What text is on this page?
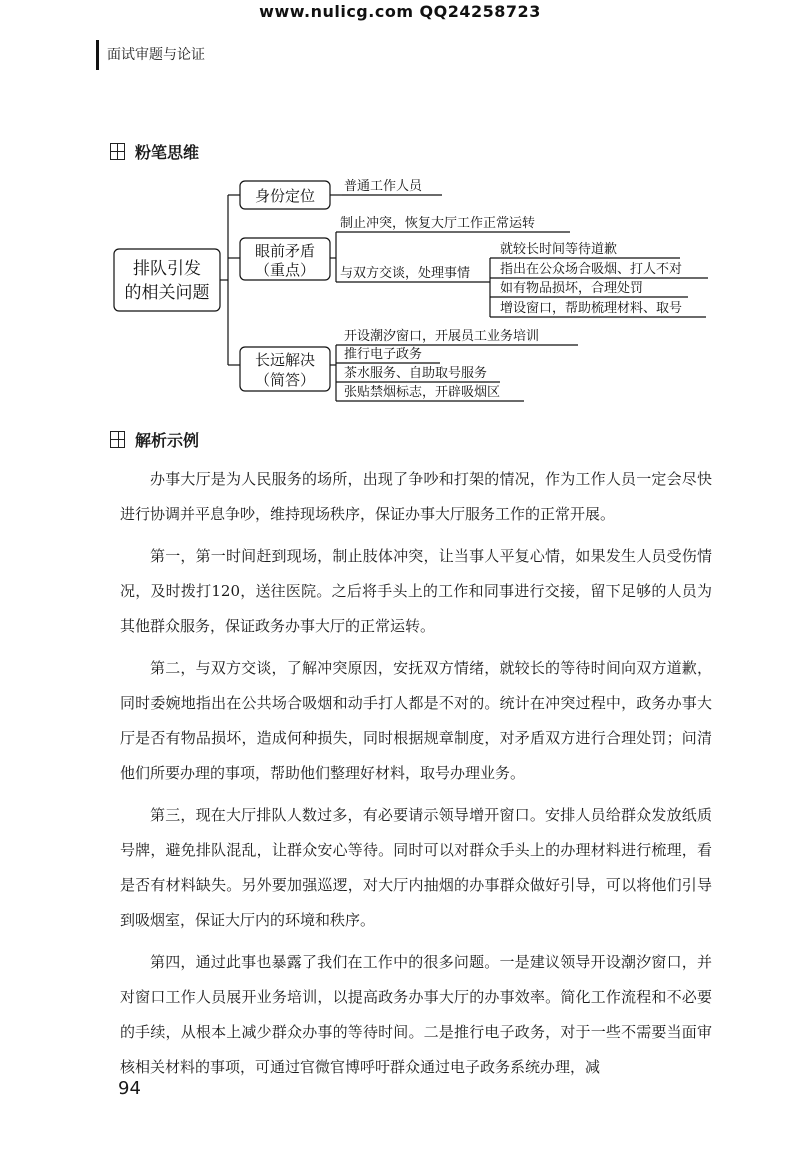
www.nulicg.com QQ24258723
面试审题与论证
粉笔思维
排队引发
的相关问题
身份定位
眼前矛盾
（重点）
长远解决
（简答）
普通工作人员
制止冲突，恢复大厅工作正常运转
与双方交谈，处理事情
就较长时间等待道歉
指出在公众场合吸烟、打人不对
如有物品损坏，合理处罚
增设窗口，帮助梳理材料、取号
开设潮汐窗口，开展员工业务培训
推行电子政务
茶水服务、自助取号服务
张贴禁烟标志，开辟吸烟区
解析示例

办事大厅是为人民服务的场所，出现了争吵和打架的情况，作为工作人员一定会尽快进行协调并平息争吵，维持现场秩序，保证办事大厅服务工作的正常开展。

第一，第一时间赶到现场，制止肢体冲突，让当事人平复心情，如果发生人员受伤情况，及时拨打120，送往医院。之后将手头上的工作和同事进行交接，留下足够的人员为其他群众服务，保证政务办事大厅的正常运转。

第二，与双方交谈，了解冲突原因，安抚双方情绪，就较长的等待时间向双方道歉，同时委婉地指出在公共场合吸烟和动手打人都是不对的。统计在冲突过程中，政务办事大厅是否有物品损坏，造成何种损失，同时根据规章制度，对矛盾双方进行合理处罚；问清他们所要办理的事项，帮助他们整理好材料，取号办理业务。

第三，现在大厅排队人数过多，有必要请示领导增开窗口。安排人员给群众发放纸质号牌，避免排队混乱，让群众安心等待。同时可以对群众手头上的办理材料进行梳理，看是否有材料缺失。另外要加强巡逻，对大厅内抽烟的办事群众做好引导，可以将他们引导到吸烟室，保证大厅内的环境和秩序。

第四，通过此事也暴露了我们在工作中的很多问题。一是建议领导开设潮汐窗口，并对窗口工作人员展开业务培训，以提高政务办事大厅的办事效率。简化工作流程和不必要的手续，从根本上减少群众办事的等待时间。二是推行电子政务，对于一些不需要当面审核相关材料的事项，可通过官微官博呼吁群众通过电子政务系统办理，减

94
